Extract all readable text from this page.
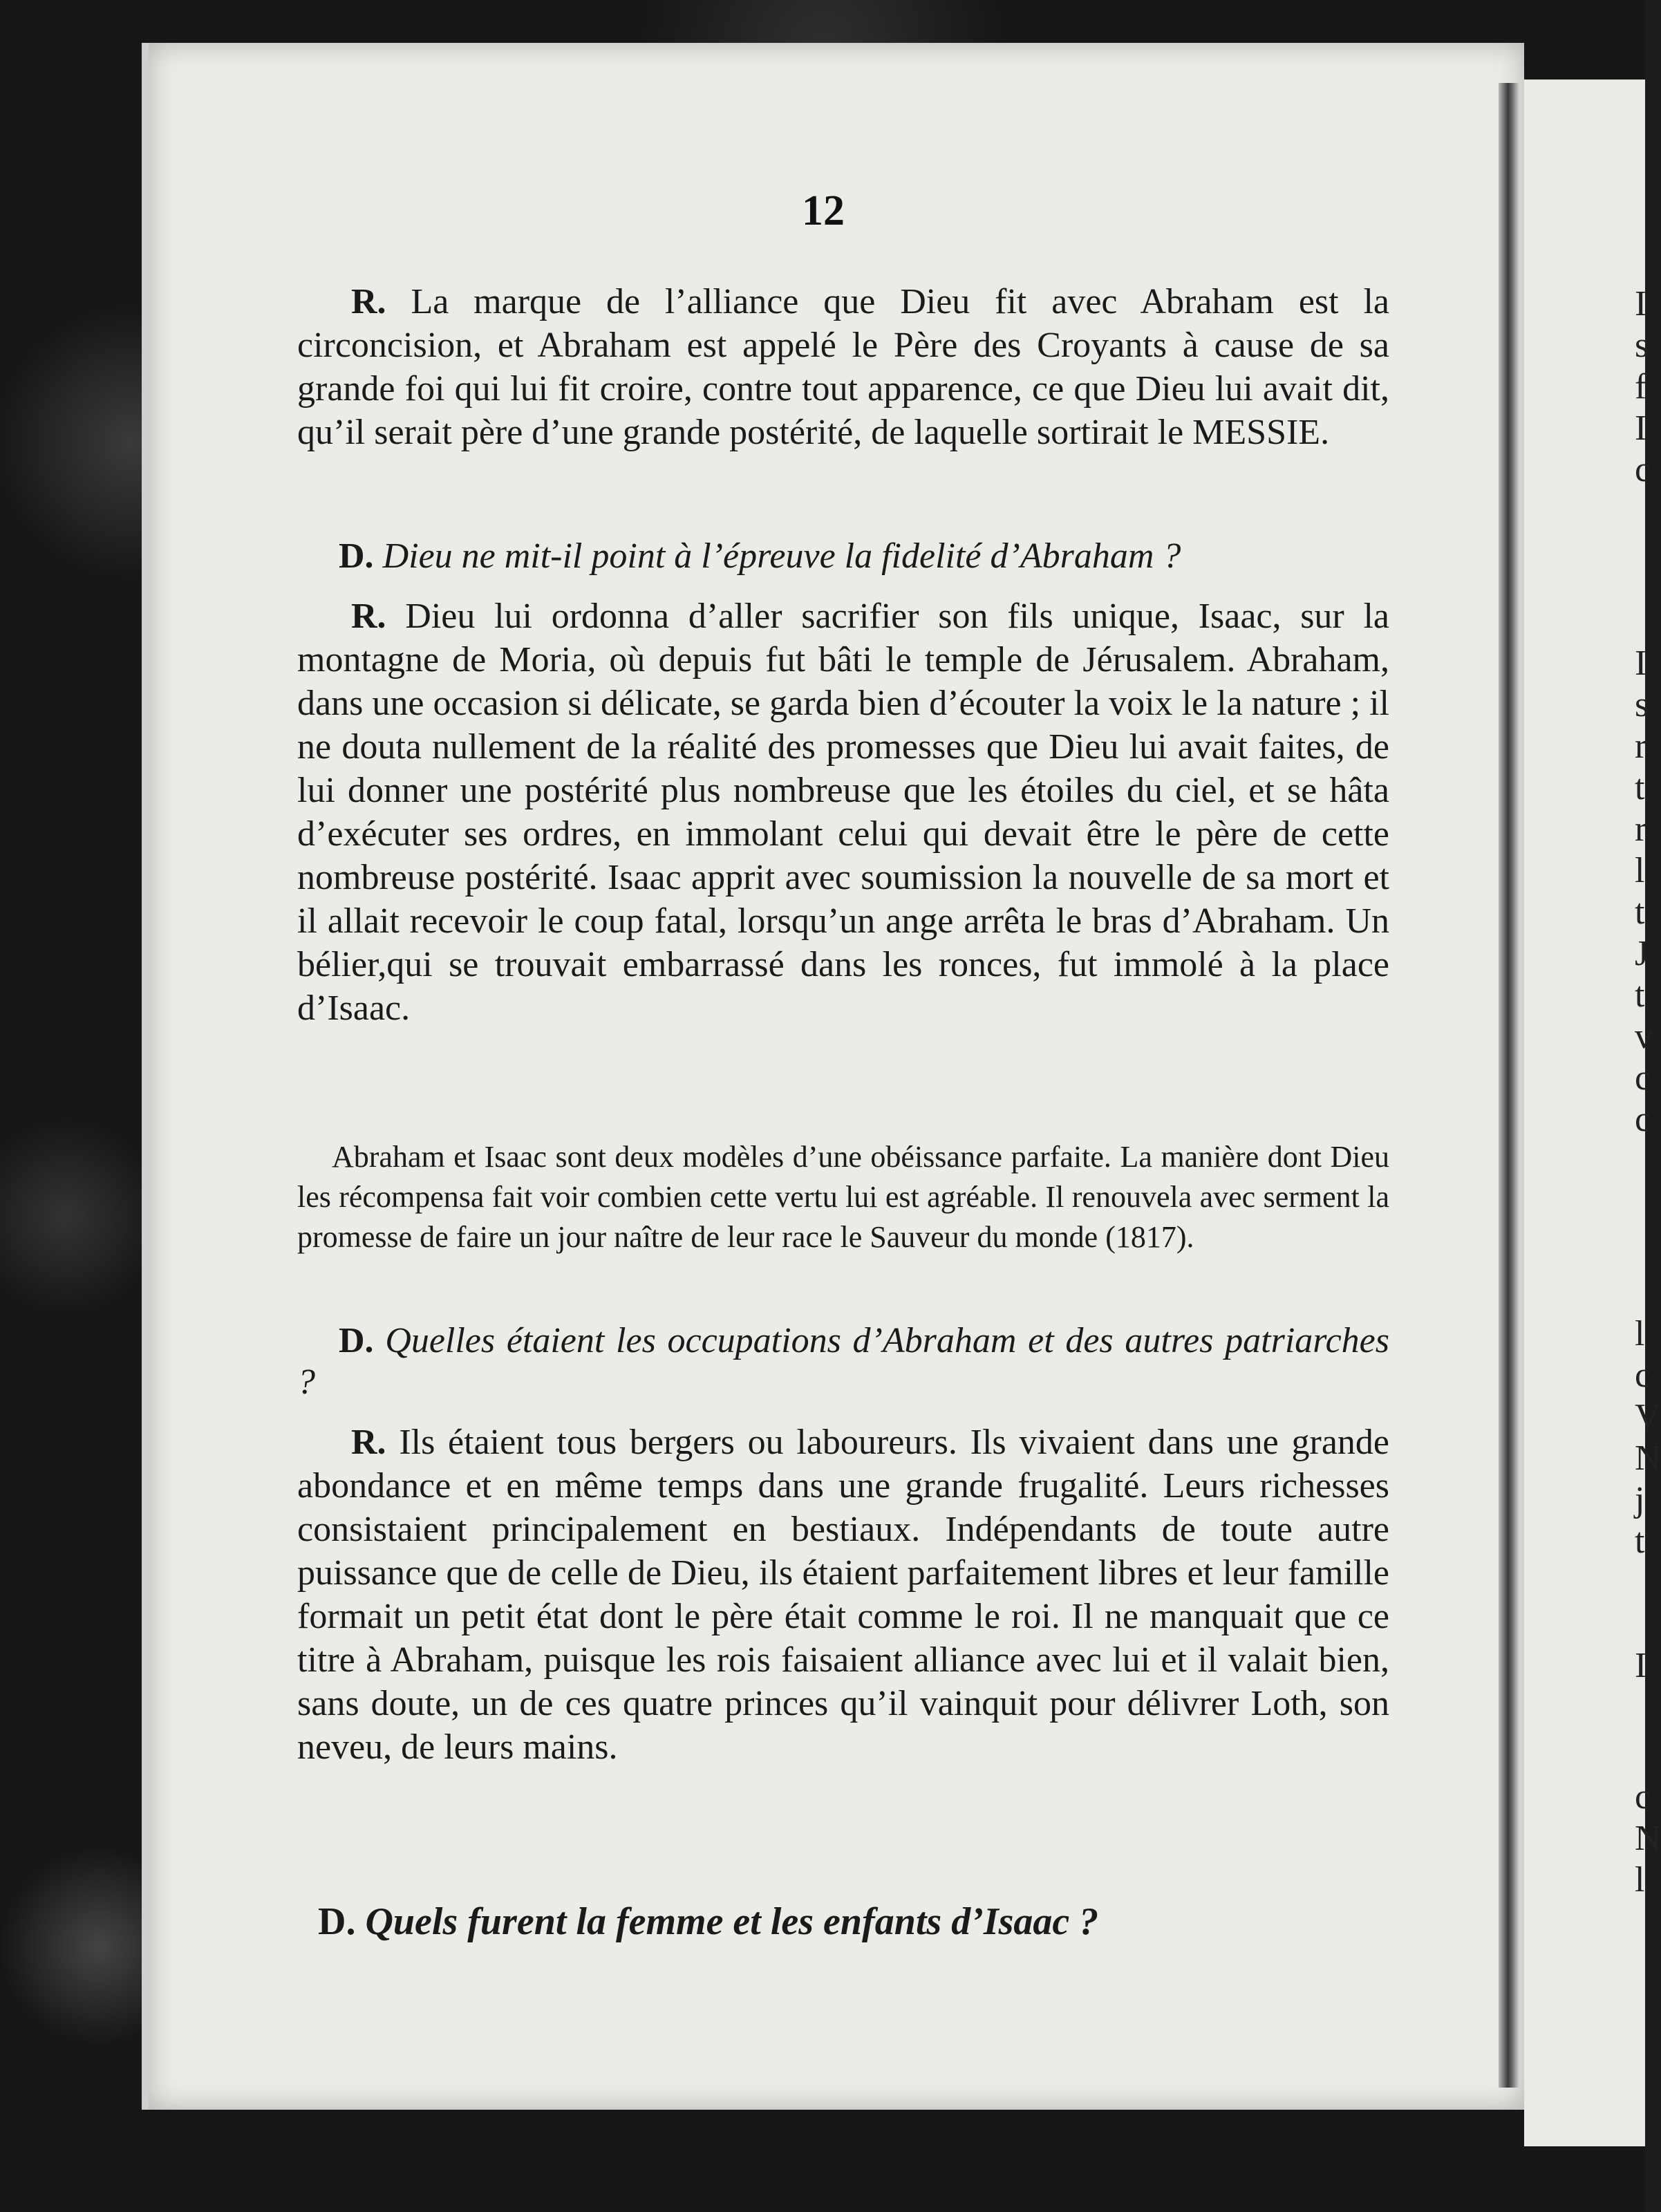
I
s
f
I
c
I
s
r
t
r
l
t
J
t
v
c
c
l
c
V
N
j
t
I
c
N
l
12
R. La marque de l’alliance que Dieu fit avec Abraham est la circoncision, et Abraham est appelé le Père des Croyants à cause de sa grande foi qui lui fit croire, contre tout apparence, ce que Dieu lui avait dit, qu’il serait père d’une grande postérité, de laquelle sortirait le MESSIE.
D. Dieu ne mit-il point à l’épreuve la fidelité d’Abraham ?
R. Dieu lui ordonna d’aller sacrifier son fils unique, Isaac, sur la montagne de Moria, où depuis fut bâti le temple de Jérusalem. Abraham, dans une occasion si délicate, se garda bien d’écouter la voix le la nature ; il ne douta nullement de la réalité des promesses que Dieu lui avait faites, de lui donner une postérité plus nombreuse que les étoiles du ciel, et se hâta d’exécuter ses ordres, en immolant celui qui devait être le père de cette nombreuse postérité. Isaac apprit avec soumission la nouvelle de sa mort et il allait recevoir le coup fatal, lorsqu’un ange arrêta le bras d’Abraham. Un bélier,qui se trouvait embarrassé dans les ronces, fut immolé à la place d’Isaac.
Abraham et Isaac sont deux modèles d’une obéissance parfaite. La manière dont Dieu les récompensa fait voir combien cette vertu lui est agréable. Il renouvela avec serment la promesse de faire un jour naître de leur race le Sauveur du monde (1817).
D. Quelles étaient les occupations d’Abraham et des autres patriarches ?
R. Ils étaient tous bergers ou laboureurs. Ils vivaient dans une grande abondance et en même temps dans une grande frugalité. Leurs richesses consistaient principalement en bestiaux. Indépendants de toute autre puissance que de celle de Dieu, ils étaient parfaitement libres et leur famille formait un petit état dont le père était comme le roi. Il ne manquait que ce titre à Abraham, puisque les rois faisaient alliance avec lui et il valait bien, sans doute, un de ces quatre princes qu’il vainquit pour délivrer Loth, son neveu, de leurs mains.
D. Quels furent la femme et les enfants d’Isaac ?
